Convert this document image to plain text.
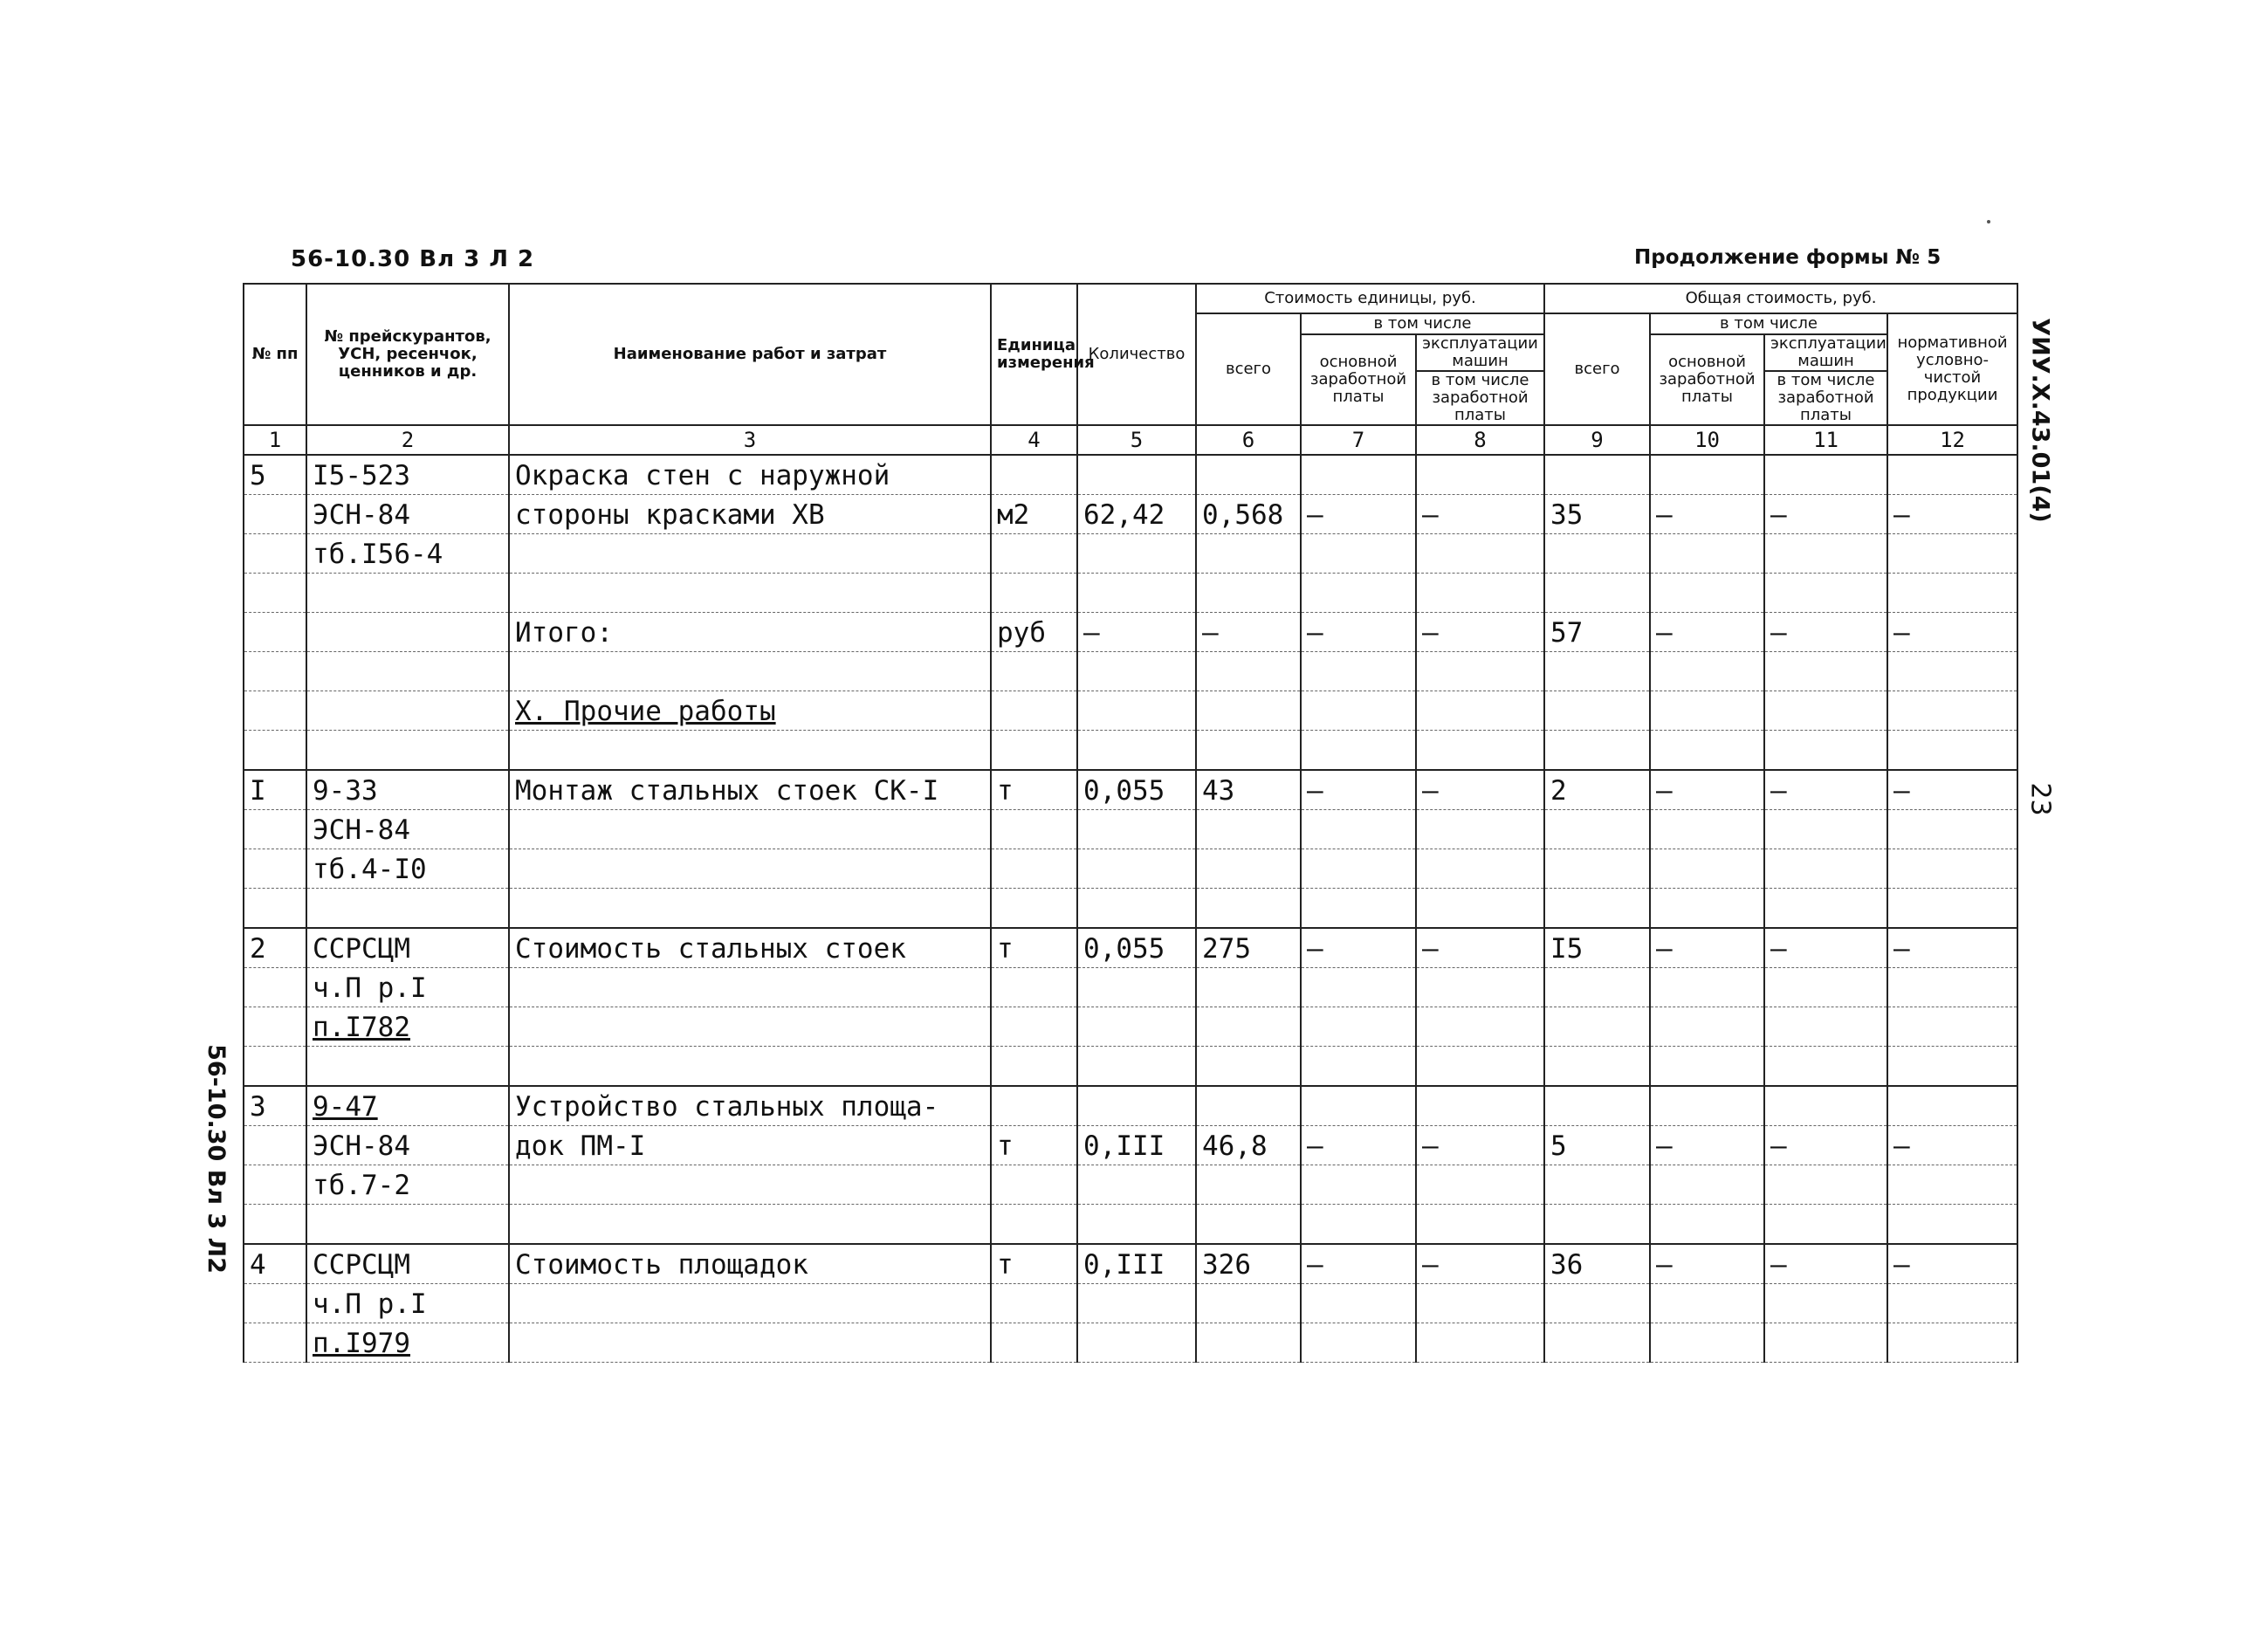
56-10.30 Вл 3 Л 2	Продолжение формы № 5
№ пп	№ прейскурантов, УСН, ресенчок, ценников и др.	Наименование работ и затрат	Единица измерения	Количество	Стоимость единицы, руб.			Общая стоимость, руб.			
					всего	в том числе		всего	в том числе		нормативной условно-чистой продукции
						основной заработной платы	эксплуатации машин		основной заработной платы	эксплуатации машин	
							в том числе заработной платы			в том числе заработной платы	
1	2	3	4	5	6	7	8	9	10	11	12
5	I5-523	Окраска стен с наружной									
	ЭСН-84	стороны красками ХВ	м2	62,42	0,568	–	–	35	–	–	–
	тб.I56-4										

		Итого:	руб	–	–	–	–	57	–	–	–

		Х. Прочие работы									

I	9-33	Монтаж стальных стоек СК-I	т	0,055	43	–	–	2	–	–	–
	ЭСН-84										
	тб.4-I0										

2	ССРСЦМ	Стоимость стальных стоек	т	0,055	275	–	–	I5	–	–	–
	ч.П р.I										
	п.I782										

3	9-47	Устройство стальных площа-									
	ЭСН-84	док ПМ-I	т	0,III	46,8	–	–	5	–	–	–
	тб.7-2										

4	ССРСЦМ	Стоимость площадок	т	0,III	326	–	–	36	–	–	–
	ч.П р.I										
	п.I979										
УИУ.Х.43.01(4)
23
56-10.30 Вл 3 Л2
